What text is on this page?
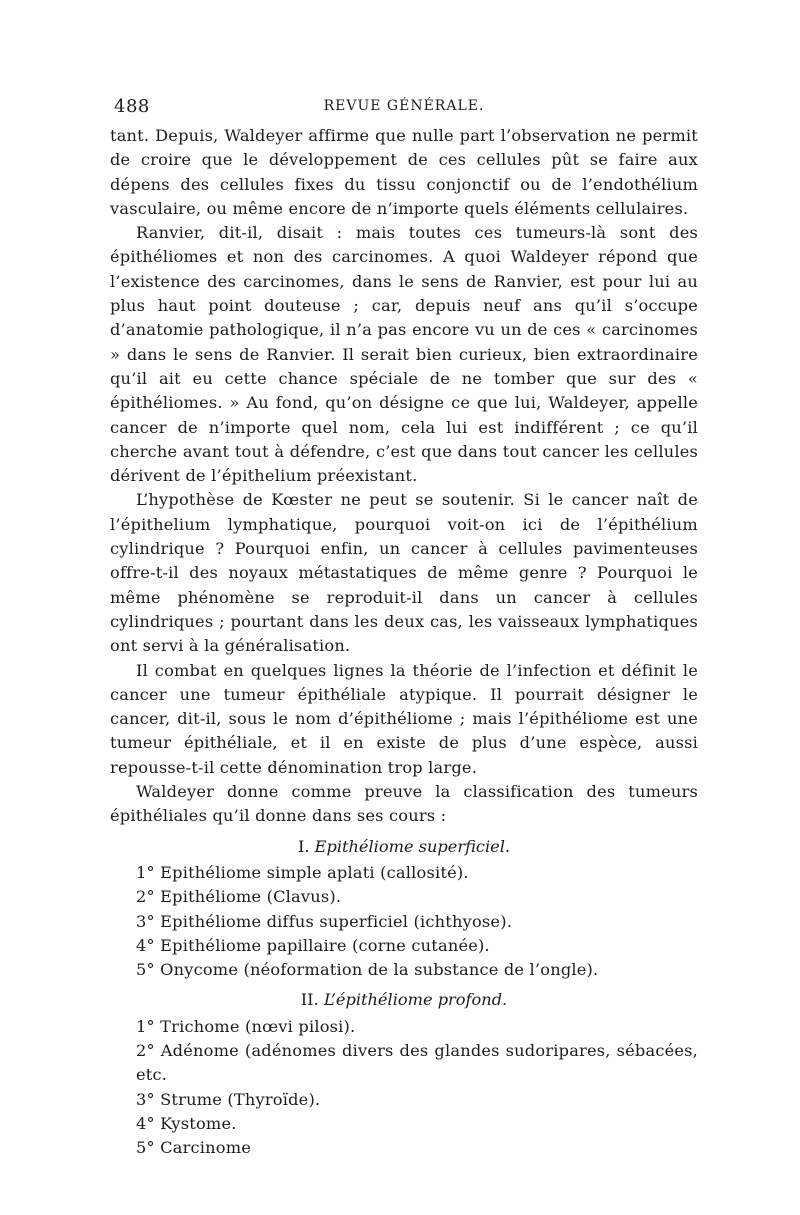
488	REVUE GÉNÉRALE.

tant. Depuis, Waldeyer affirme que nulle part l’observation ne permit de croire que le développement de ces cellules pût se faire aux dépens des cellules fixes du tissu conjonctif ou de l’endothélium vasculaire, ou même encore de n’importe quels éléments cellulaires.

Ranvier, dit-il, disait : mais toutes ces tumeurs-là sont des épithéliomes et non des carcinomes. A quoi Waldeyer répond que l’existence des carcinomes, dans le sens de Ranvier, est pour lui au plus haut point douteuse ; car, depuis neuf ans qu’il s’occupe d’anatomie pathologique, il n’a pas encore vu un de ces « carcinomes » dans le sens de Ranvier. Il serait bien curieux, bien extraordinaire qu’il ait eu cette chance spéciale de ne tomber que sur des « épithéliomes. » Au fond, qu’on désigne ce que lui, Waldeyer, appelle cancer de n’importe quel nom, cela lui est indifférent ; ce qu’il cherche avant tout à défendre, c’est que dans tout cancer les cellules dérivent de l’épithelium préexistant.

L’hypothèse de Kœster ne peut se soutenir. Si le cancer naît de l’épithelium lymphatique, pourquoi voit-on ici de l’épithélium cylindrique ? Pourquoi enfin, un cancer à cellules pavimenteuses offre-t-il des noyaux métastatiques de même genre ? Pourquoi le même phénomène se reproduit-il dans un cancer à cellules cylindriques ; pourtant dans les deux cas, les vaisseaux lymphatiques ont servi à la généralisation.

Il combat en quelques lignes la théorie de l’infection et définit le cancer une tumeur épithéliale atypique. Il pourrait désigner le cancer, dit-il, sous le nom d’épithéliome ; mais l’épithéliome est une tumeur épithéliale, et il en existe de plus d’une espèce, aussi repousse-t-il cette dénomination trop large.

Waldeyer donne comme preuve la classification des tumeurs épithéliales qu’il donne dans ses cours :

I. Epithéliome superficiel.
1° Epithéliome simple aplati (callosité).
2° Epithéliome (Clavus).
3° Epithéliome diffus superficiel (ichthyose).
4° Epithéliome papillaire (corne cutanée).
5° Onycome (néoformation de la substance de l’ongle).
II. L’épithéliome profond.
1° Trichome (nœvi pilosi).
2° Adénome (adénomes divers des glandes sudoripares, sébacées, etc.
3° Strume (Thyroïde).
4° Kystome.
5° Carcinome
